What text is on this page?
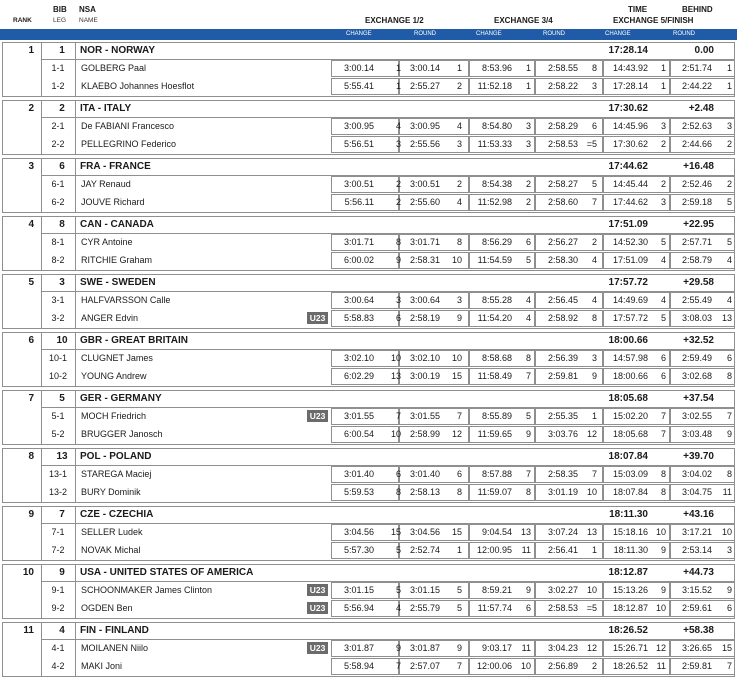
BIB
LEG
NSA
NAME
RANK	EXCHANGE 1/2	EXCHANGE 3/4
TIME	BEHIND
EXCHANGE 5/FINISH
CHANGE	ROUND	CHANGE	ROUND	CHANGE	ROUND
1	1	NOR - NORWAY	17:28.14	0.00
1-1	GOLBERG Paal	3:00.14	1 3:00.14	1	8:53.96	1	2:58.55	8	14:43.92	1	2:51.74	1
1-2	KLAEBO Johannes Hoesflot	5:55.41	1 2:55.27	2	11:52.18	1	2:58.22	3	17:28.14	1	2:44.22	1
2	2	ITA - ITALY	17:30.62	+2.48
2-1	De FABIANI Francesco	3:00.95	4 3:00.95	4	8:54.80	3	2:58.29	6	14:45.96	3	2:52.63	3
2-2	PELLEGRINO Federico	5:56.51	3 2:55.56	3	11:53.33	3	2:58.53 =5	17:30.62	2	2:44.66	2
3	6	FRA - FRANCE	17:44.62	+16.48
6-1	JAY Renaud	3:00.51	2 3:00.51	2	8:54.38	2	2:58.27	5	14:45.44	2	2:52.46	2
6-2	JOUVE Richard	5:56.11	2 2:55.60	4	11:52.98	2	2:58.60	7	17:44.62	3	2:59.18	5
4	8	CAN - CANADA	17:51.09	+22.95
8-1	CYR Antoine	3:01.71	8 3:01.71	8	8:56.29	6	2:56.27	2	14:52.30	5	2:57.71	5
8-2	RITCHIE Graham	6:00.02	9 2:58.31	10	11:54.59	5	2:58.30	4	17:51.09	4	2:58.79	4
5	3	SWE - SWEDEN	17:57.72	+29.58
3-1	HALFVARSSON Calle	3:00.64	3 3:00.64	3	8:55.28	4	2:56.45	4	14:49.69	4	2:55.49	4
3-2	ANGER Edvin	U23	5:58.83	6 2:58.19	9	11:54.20	4	2:58.92	8	17:57.72	5	3:08.03	13
6	10	GBR - GREAT BRITAIN	18:00.66	+32.52
10-1	CLUGNET James	3:02.10	10 3:02.10	10	8:58.68	8	2:56.39	3	14:57.98	6	2:59.49	6
10-2	YOUNG Andrew	6:02.29	13 3:00.19	15	11:58.49	7	2:59.81	9	18:00.66	6	3:02.68	8
7	5	GER - GERMANY	18:05.68	+37.54
5-1	MOCH Friedrich	U23	3:01.55	7 3:01.55	7	8:55.89	5	2:55.35	1	15:02.20	7	3:02.55	7
5-2	BRUGGER Janosch	6:00.54	10 2:58.99	12	11:59.65	9	3:03.76 12	18:05.68	7	3:03.48	9
8	13	POL - POLAND	18:07.84	+39.70
13-1	STAREGA Maciej	3:01.40	6 3:01.40	6	8:57.88	7	2:58.35	7	15:03.09	8	3:04.02	8
13-2	BURY Dominik	5:59.53	8 2:58.13	8	11:59.07	8	3:01.19 10	18:07.84	8	3:04.75	11
9	7	CZE - CZECHIA	18:11.30	+43.16
7-1	SELLER Ludek	3:04.56	15 3:04.56	15	9:04.54 13	3:07.24 13	15:18.16 10	3:17.21	10
7-2	NOVAK Michal	5:57.30	5 2:52.74	1	12:00.95	11	2:56.41	1	18:11.30	9	2:53.14	3
10	9	USA - UNITED STATES OF AMERICA	18:12.87	+44.73
9-1	SCHOONMAKER James Clinton	U23	3:01.15	5 3:01.15	5	8:59.21	9	3:02.27 10	15:13.26	9	3:15.52	9
9-2	OGDEN Ben	U23	5:56.94	4 2:55.79	5	11:57.74	6	2:58.53 =5	18:12.87 10	2:59.61	6
11	4	FIN - FINLAND	18:26.52	+58.38
4-1	MOILANEN Niilo	U23	3:01.87	9 3:01.87	9	9:03.17	11	3:04.23 12	15:26.71 12	3:26.65	15
4-2	MAKI Joni	5:58.94	7 2:57.07	7	12:00.06 10	2:56.89	2	18:26.52 11	2:59.81	7
